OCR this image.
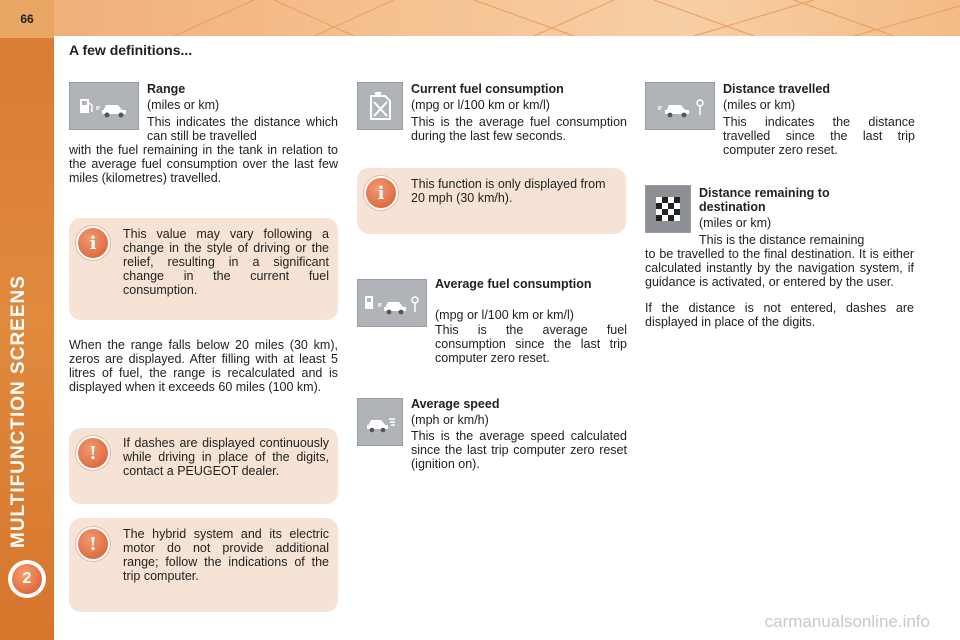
66
MULTIFUNCTION SCREENS
2
A few definitions...
Range
(miles or km)
This indicates the distance which can still be travelled
with the fuel remaining in the tank in relation to the average fuel consumption over the last few miles (kilometres) travelled.
i	This value may vary following a change in the style of driving or the relief, resulting in a significant change in the current fuel consumption.
When the range falls below 20 miles (30 km), zeros are displayed. After filling with at least 5 litres of fuel, the range is recalculated and is displayed when it exceeds 60 miles (100 km).
!	If dashes are displayed continuously while driving in place of the digits, contact a PEUGEOT dealer.
!	The hybrid system and its electric motor do not provide additional range; follow the indications of the trip computer.
Current fuel consumption
(mpg or l/100 km or km/l)
This is the average fuel consumption during the last few seconds.
i	This function is only displayed from 20 mph (30 km/h).
Average fuel consumption
(mpg or l/100 km or km/l)
This is the average fuel consumption since the last trip computer zero reset.
Average speed
(mph or km/h)
This is the average speed calculated since the last trip computer zero reset (ignition on).
Distance travelled
(miles or km)
This indicates the distance travelled since the last trip computer zero reset.
Distance remaining to destination
(miles or km)
This is the distance remaining
to be travelled to the final destination. It is either calculated instantly by the navigation system, if guidance is activated, or entered by the user.
If the distance is not entered, dashes are displayed in place of the digits.
carmanualsonline.info
